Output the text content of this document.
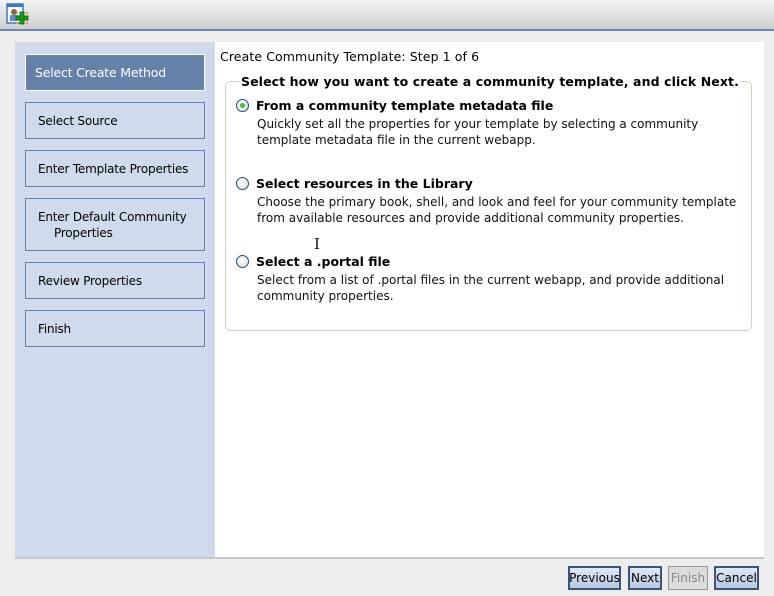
Select Create Method
Select Source
Enter Template Properties
Enter Default Community
Properties
Review Properties
Finish
Create Community Template: Step 1 of 6
Select how you want to create a community template, and click Next.
From a community template metadata file
Quickly set all the properties for your template by selecting a community template metadata file in the current webapp.
Select resources in the Library
Choose the primary book, shell, and look and feel for your community template from available resources and provide additional community properties.
Select a .portal file
Select from a list of .portal files in the current webapp, and provide additional community properties.
I
Previous Next Finish Cancel
